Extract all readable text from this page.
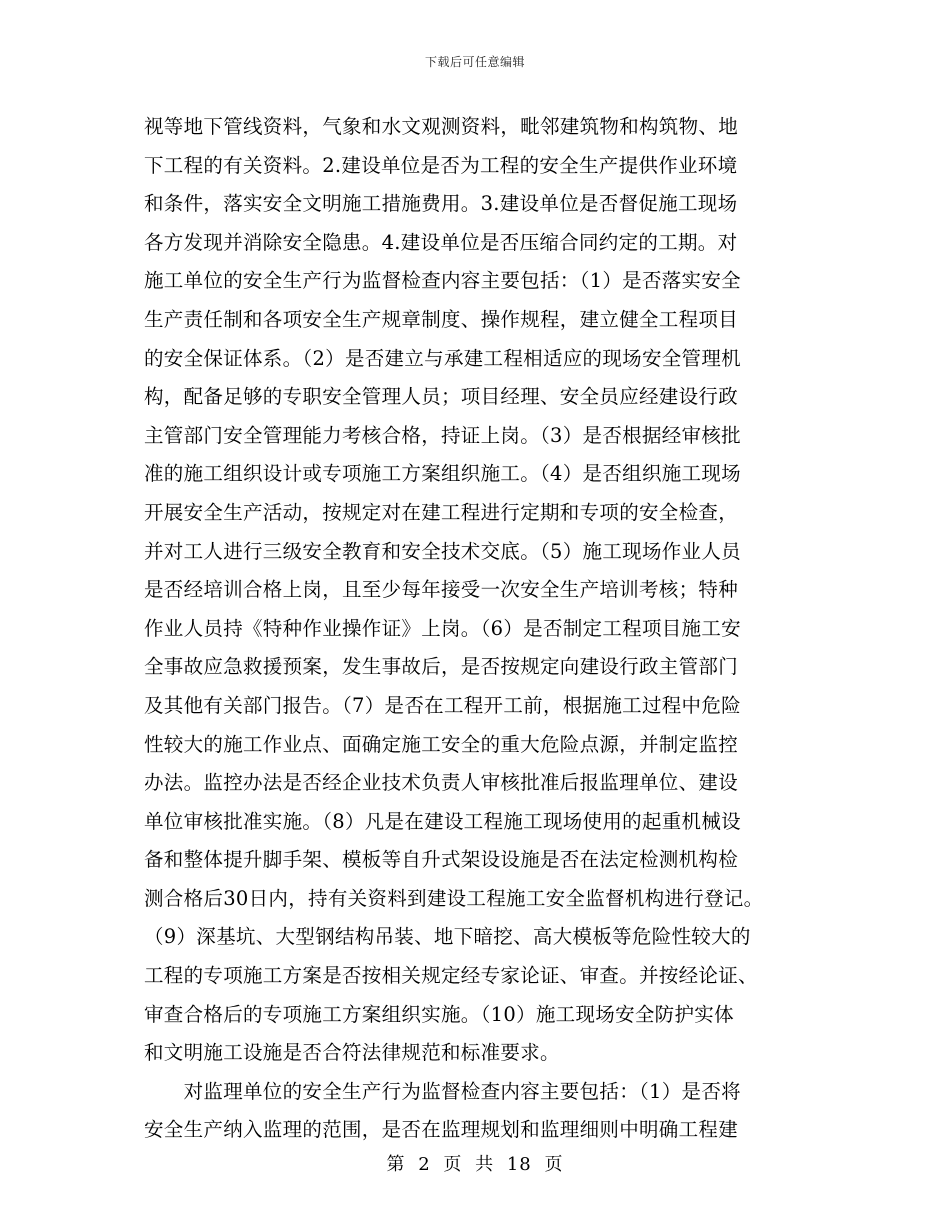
下载后可任意编辑
视等地下管线资料，气象和水文观测资料，毗邻建筑物和构筑物、地
下工程的有关资料。2.建设单位是否为工程的安全生产提供作业环境
和条件，落实安全文明施工措施费用。3.建设单位是否督促施工现场
各方发现并消除安全隐患。4.建设单位是否压缩合同约定的工期。对
施工单位的安全生产行为监督检查内容主要包括：（1）是否落实安全
生产责任制和各项安全生产规章制度、操作规程，建立健全工程项目
的安全保证体系。（2）是否建立与承建工程相适应的现场安全管理机
构，配备足够的专职安全管理人员；项目经理、安全员应经建设行政
主管部门安全管理能力考核合格，持证上岗。（3）是否根据经审核批
准的施工组织设计或专项施工方案组织施工。（4）是否组织施工现场
开展安全生产活动，按规定对在建工程进行定期和专项的安全检查，
并对工人进行三级安全教育和安全技术交底。（5）施工现场作业人员
是否经培训合格上岗，且至少每年接受一次安全生产培训考核；特种
作业人员持《特种作业操作证》上岗。（6）是否制定工程项目施工安
全事故应急救援预案，发生事故后，是否按规定向建设行政主管部门
及其他有关部门报告。（7）是否在工程开工前，根据施工过程中危险
性较大的施工作业点、面确定施工安全的重大危险点源，并制定监控
办法。监控办法是否经企业技术负责人审核批准后报监理单位、建设
单位审核批准实施。（8）凡是在建设工程施工现场使用的起重机械设
备和整体提升脚手架、模板等自升式架设设施是否在法定检测机构检
测合格后30日内，持有关资料到建设工程施工安全监督机构进行登记。
（9）深基坑、大型钢结构吊装、地下暗挖、高大模板等危险性较大的
工程的专项施工方案是否按相关规定经专家论证、审查。并按经论证、
审查合格后的专项施工方案组织实施。（10）施工现场安全防护实体
和文明施工设施是否合符法律规范和标准要求。
　　对监理单位的安全生产行为监督检查内容主要包括：（1）是否将
安全生产纳入监理的范围，是否在监理规划和监理细则中明确工程建
第 2 页 共 18 页
